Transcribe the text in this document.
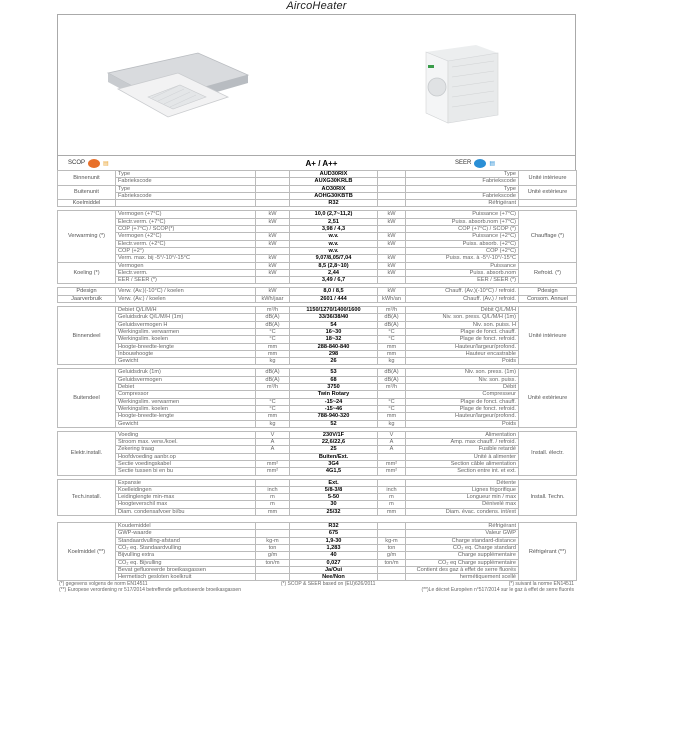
AircoHeater
SCOP	▤	A+ / A++	SEER	▤
Binnenunit	Type		AUD30RIX		Type	Unité intérieure
	Fabriekscode		AUXG30KRLB		Fabriekscode	
Buitenunit	Type		AO30RIX		Type	Unité extérieure
	Fabriekscode		AOHG30KBTB		Fabriekscode	
Koelmiddel			R32		Réfrigérant	

Verwarming (*)	Vermogen (+7°C)	kW	10,0 (2,7~11,2)	kW	Puissance (+7°C)	Chauffage (*)
	Electr.verm. (+7°C)	kW	2,51	kW	Puiss. absorb.nom (+7°C)	
	COP (+7°C) / SCOP(*)		3,98 / 4,3		COP (+7°C) / SCOP (*)	
	Vermogen (+2°C)	kW	w.v.	kW	Puissance (+2°C)	
	Electr.verm. (+2°C)	kW	w.v.	kW	Puiss. absorb. (+2°C)	
	COP (+2°)		w.v.		COP (+2°C)	
	Verm. max. bij -5°/-10°/-15°C	kW	9,07/8,05/7,04	kW	Puiss. max. à -5°/-10°/-15°C	
Koeling (*)	Vermogen	kW	8,5 (2,8~10)	kW	Puissance	Refroid. (*)
	Electr.verm.	kW	2,44	kW	Puiss. absorb.nom	
	EER / SEER (*)		3,49 / 6,7		EER / SEER (*)	

Pdesign	Verw. (Av.)(-10°C) / koelen	kW	8,0 / 8,5	kW	Chauff. (Av.)(-10°C) / refroid.	Pdesign
Jaarverbruik	Verw. (Av.) / koelen	kWh/jaar	2601 / 444	kWh/an	Chauff. (Av.) / refroid.	Consom. Annuel

Binnendeel	Debiet Q/L/M/H	m³/h	1150/1270/1400/1600	m³/h	Débit Q/L/M/H	Unité intérieure
	Geluidsdruk Q/L/M/H (1m)	dB(A)	33/36/38/40	dB(A)	Niv. son. press. Q/L/M/H (1m)	
	Geluidsvermogen H	dB(A)	54	dB(A)	Niv. son. puiss. H	
	Werkingslim. verwarmen	°C	16~30	°C	Plage de fonct. chauff.	
	Werkingslim. koelen	°C	18~32	°C	Plage de fonct. refroid.	
	Hoogte-breedte-lengte	mm	288-840-840	mm	Hauteur/largeur/profond.	
	Inbouwhoogte	mm	298	mm	Hauteur encastrable	
	Gewicht	kg	26	kg	Poids	

Buitendeel	Geluidsdruk (1m)	dB(A)	53	dB(A)	Niv. son. press. (1m)	Unité extérieure
	Geluidsvermogen	dB(A)	68	dB(A)	Niv. son. puiss.	
	Debiet	m³/h	3750	m³/h	Débit	
	Compressor		Twin Rotary		Compresseur	
	Werkingslim. verwarmen	°C	-15~24	°C	Plage de fonct. chauff.	
	Werkingslim. koelen	°C	-15~46	°C	Plage de fonct. refroid.	
	Hoogte-breedte-lengte	mm	788-940-320	mm	Hauteur/largeur/profond.	
	Gewicht	kg	52	kg	Poids	

Elektr.install.	Voeding	V	230V/1F	V	Alimentation	Install. électr.
	Stroom max. verw./koel.	A	22,6/22,6	A	Amp. max chauff. / refroid.	
	Zekering traag	A	25	A	Fusible retardé	
	Hoofdvoeding aanbr.op		Buiten/Ext.		Unité à alimenter	
	Sectie voedingskabel	mm²	3G4	mm²	Section câble alimentation	
	Sectie tussen bi en bu	mm²	4G1,5	mm²	Section entre int. et ext.	

Tech.install.	Expansie		Ext.		Détente	Install. Techn.
	Koelleidingen	inch	5/8-3/8	inch	Lignes frigorifique	
	Leidinglengte min-max	m	5-50	m	Longueur min / max	
	Hoogteverschil max	m	30	m	Dénivelé max	
	Diam. condensafvoer bi/bu	mm	25/32	mm	Diam. évac. condens. int/ext	
Koelmiddel (**)	Koudemiddel		R32		Réfrigérant	Réfrigérant (**)
	GWP-waarde		675		Valeur GWP	
	Standaardvulling-afstand	kg-m	1,9-30	kg-m	Charge standard-distance	
	CO₂ eq. Standaardvulling	ton	1,283	ton	CO₂ eq. Charge standard	
	Bijvulling extra	g/m	40	g/m	Charge supplémentaire	
	CO₂ eq. Bijvulling	ton/m	0,027	ton/m	CO₂ eq Charge supplémentaire	
	Bevat gefluoreerde broeikasgassen		Ja/Oui		Contient des gaz à effet de serre fluorés	
	Hermetisch gesloten koelkruit		Nee/Non		hermétiquement scellé	
(*) gegevens volgens de norm EN14511	(*) SCOP & SEER based on (EU)626/2011	(*) suivant la norme EN14511
(**) Europese verordening nr 517/2014 betreffende gefluoriseerde broeikasgassen	(**)Le décret Européen n°517/2014 sur le gaz à effet de serre fluorés
